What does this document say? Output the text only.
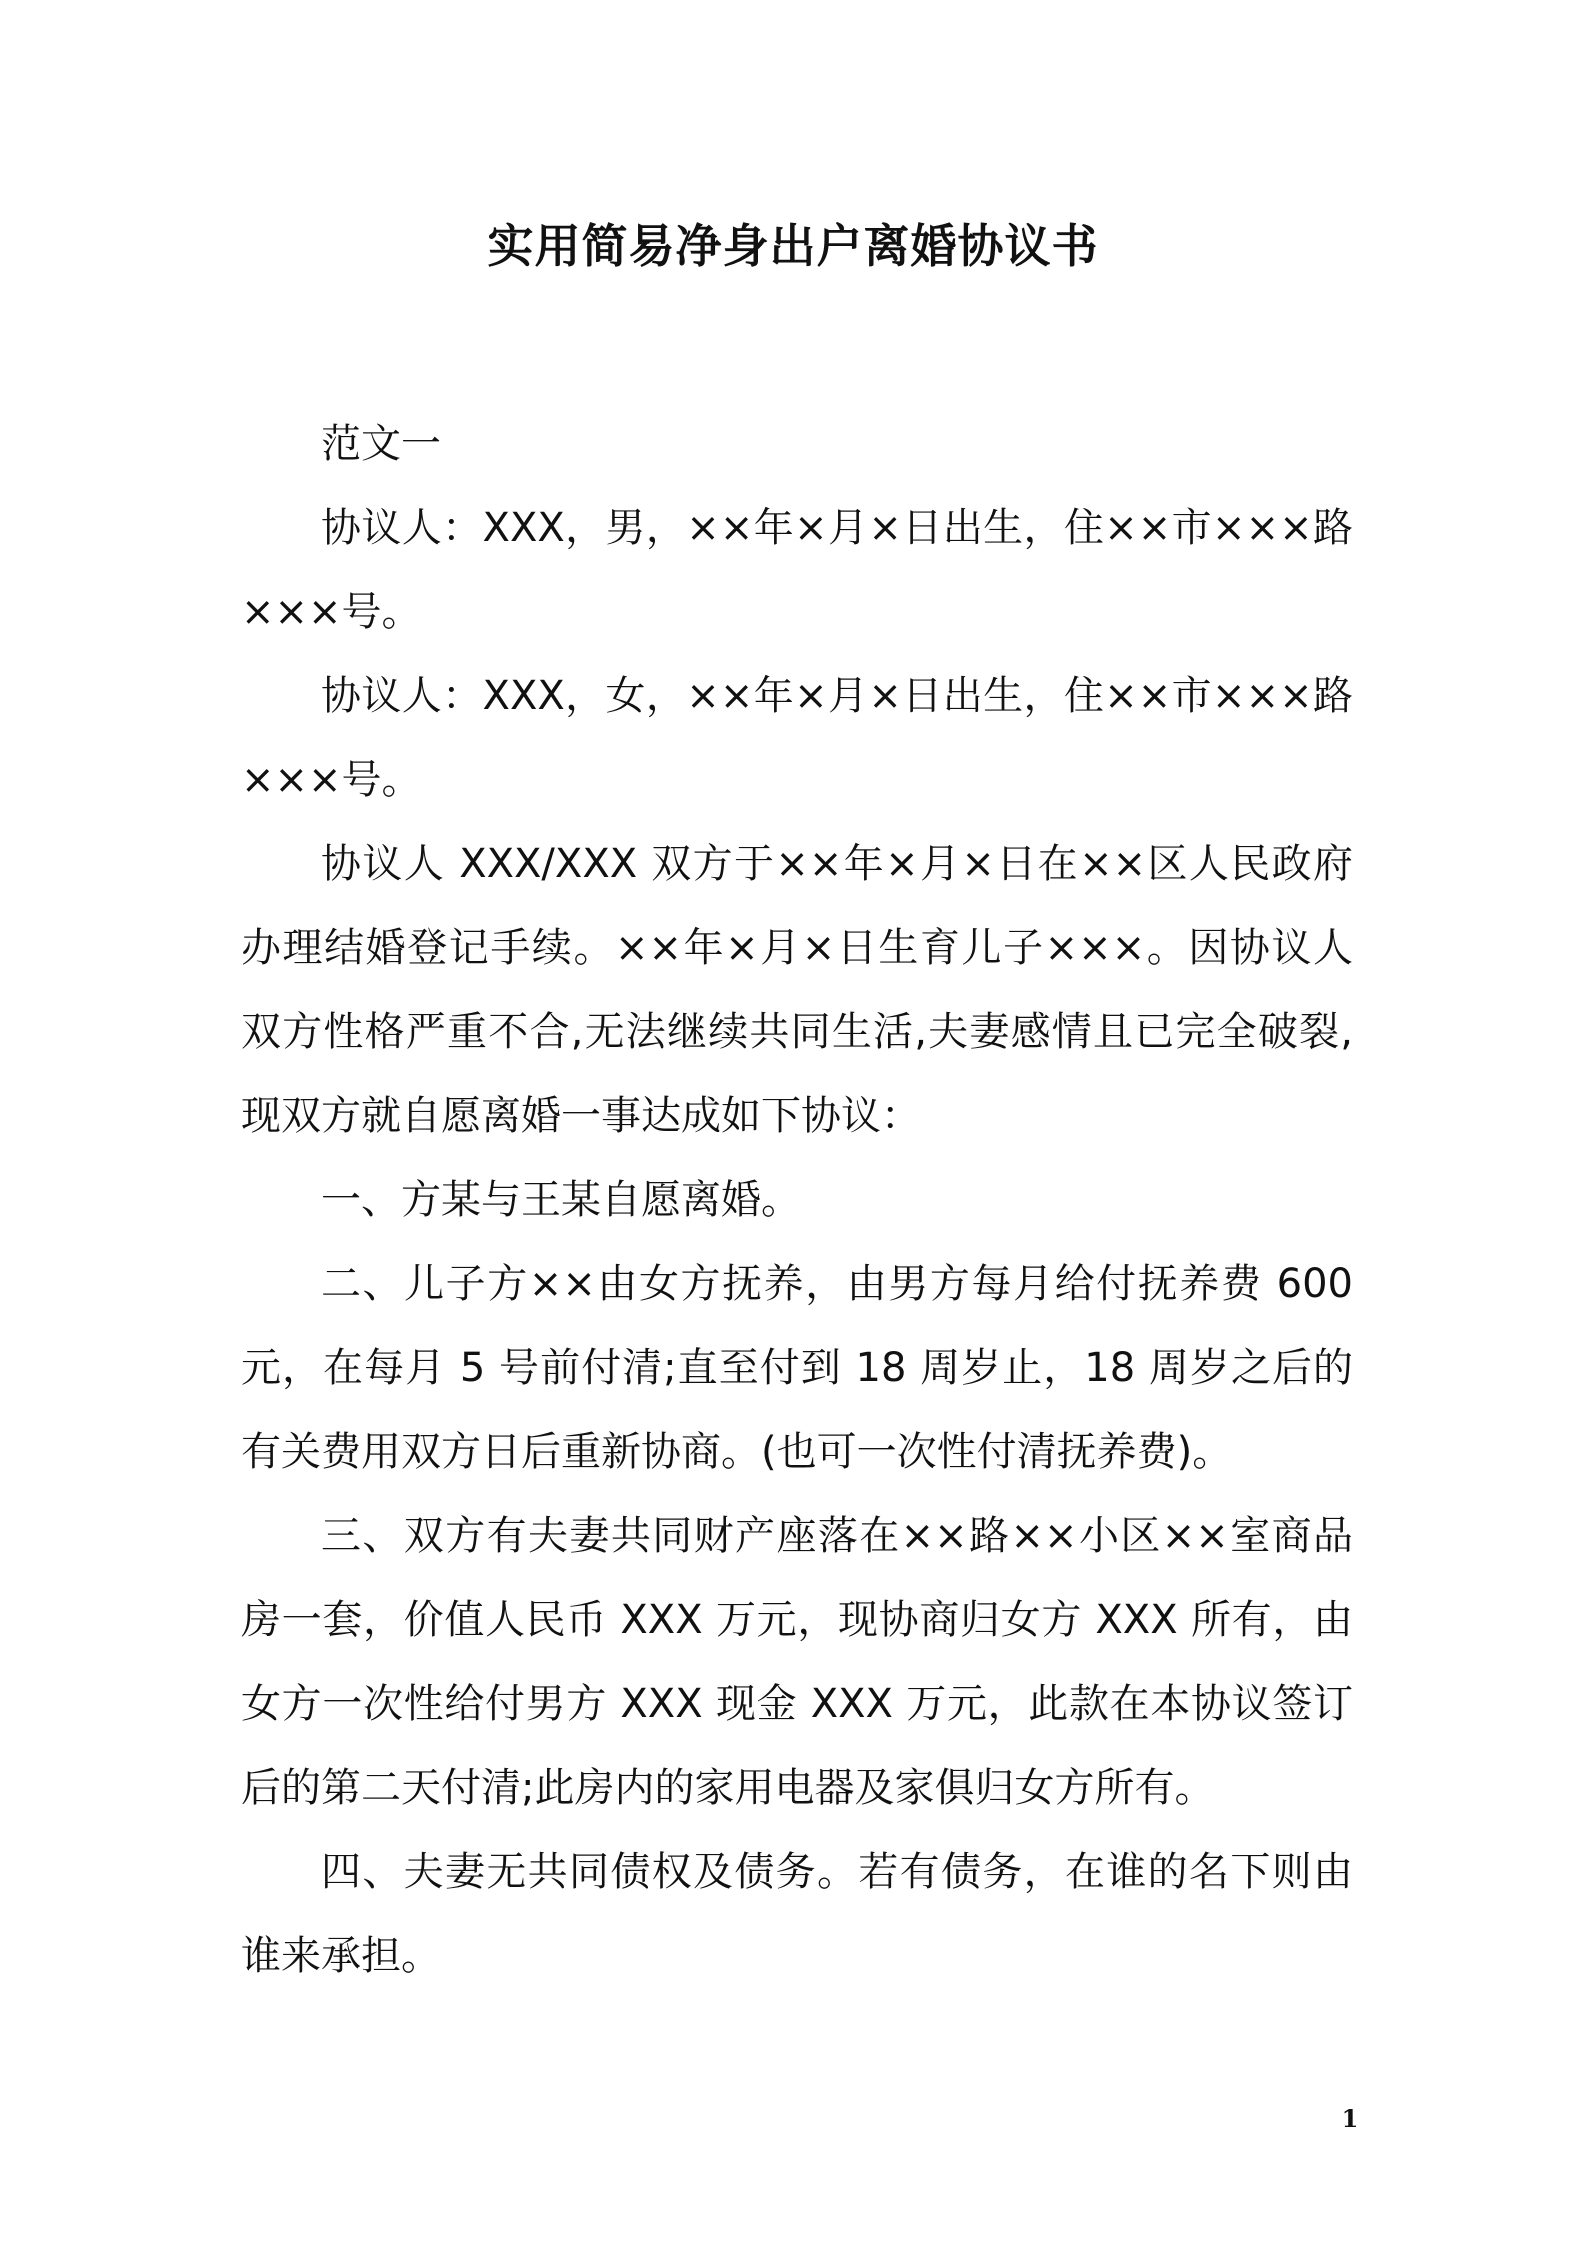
实用简易净身出户离婚协议书

范文一

协议人：XXX，男，××年×月×日出生，住××市×××路×××号。

协议人：XXX，女，××年×月×日出生，住××市×××路×××号。

协议人 XXX/XXX 双方于××年×月×日在××区人民政府办理结婚登记手续。××年×月×日生育儿子×××。因协议人双方性格严重不合,无法继续共同生活,夫妻感情且已完全破裂,现双方就自愿离婚一事达成如下协议：

一、方某与王某自愿离婚。

二、儿子方××由女方抚养，由男方每月给付抚养费 600 元，在每月 5 号前付清;直至付到 18 周岁止，18 周岁之后的有关费用双方日后重新协商。(也可一次性付清抚养费)。

三、双方有夫妻共同财产座落在××路××小区××室商品房一套，价值人民币 XXX 万元，现协商归女方 XXX 所有，由女方一次性给付男方 XXX 现金 XXX 万元，此款在本协议签订后的第二天付清;此房内的家用电器及家俱归女方所有。

四、夫妻无共同债权及债务。若有债务，在谁的名下则由谁来承担。

1
